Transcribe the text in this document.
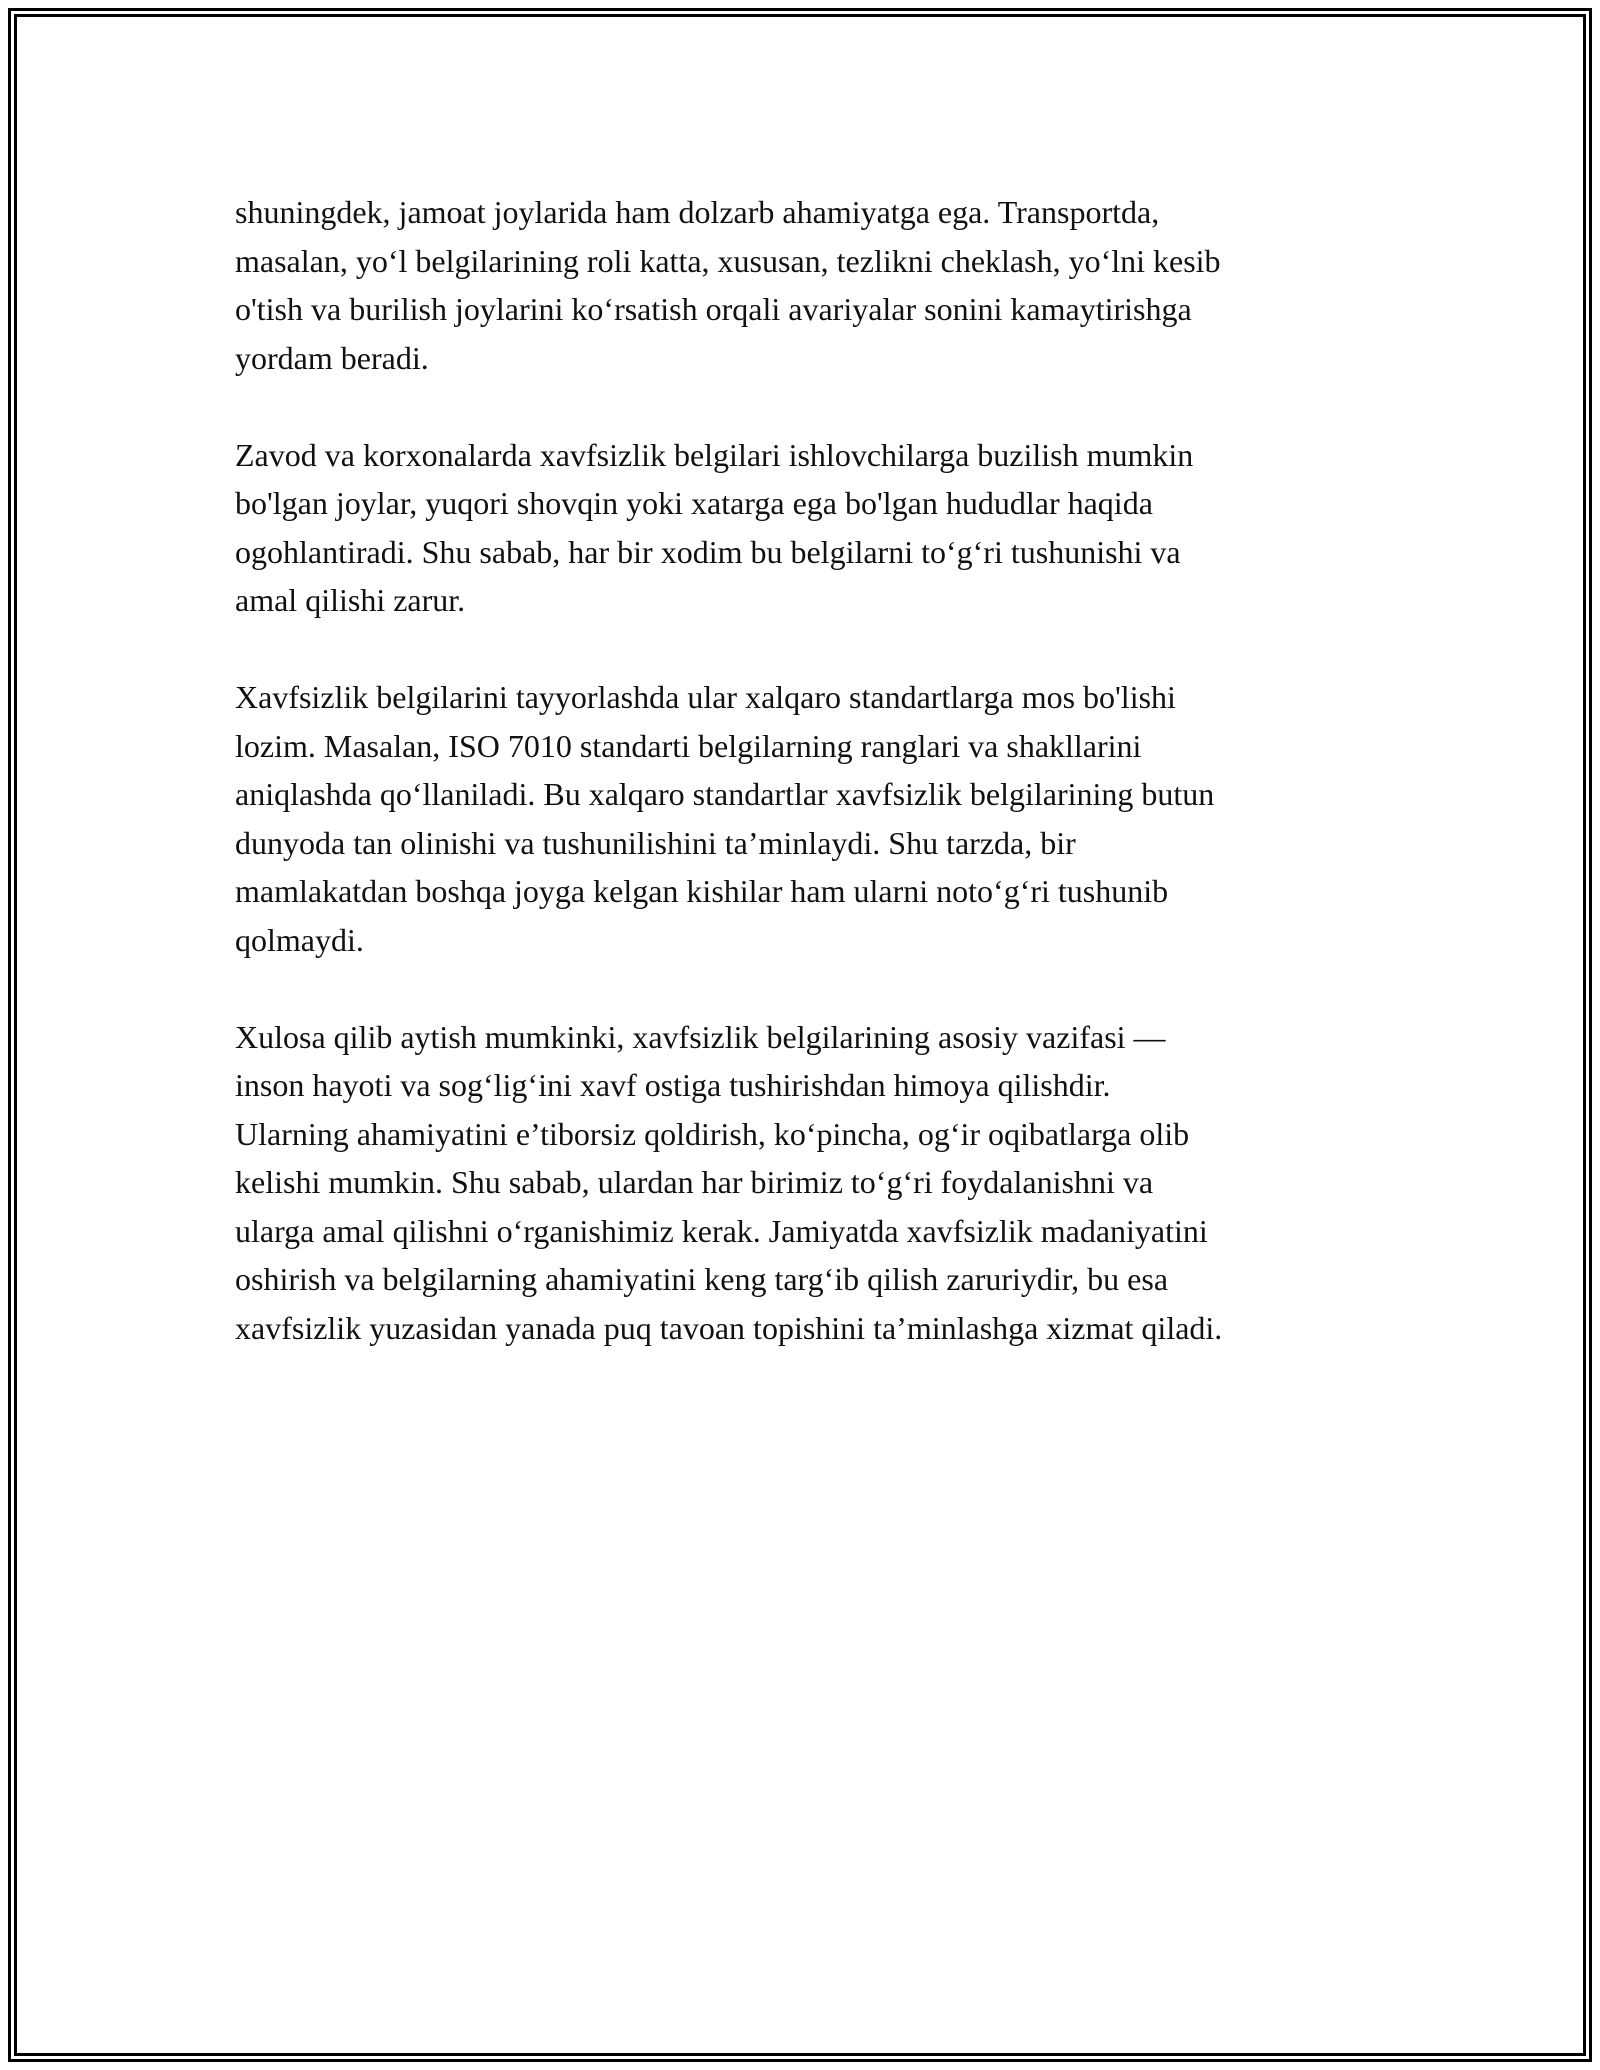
shuningdek, jamoat joylarida ham dolzarb ahamiyatga ega. Transportda,
masalan, yo‘l belgilarining roli katta, xususan, tezlikni cheklash, yo‘lni kesib
o'tish va burilish joylarini ko‘rsatish orqali avariyalar sonini kamaytirishga
yordam beradi.

Zavod va korxonalarda xavfsizlik belgilari ishlovchilarga buzilish mumkin
bo'lgan joylar, yuqori shovqin yoki xatarga ega bo'lgan hududlar haqida
ogohlantiradi. Shu sabab, har bir xodim bu belgilarni to‘g‘ri tushunishi va
amal qilishi zarur.

Xavfsizlik belgilarini tayyorlashda ular xalqaro standartlarga mos bo'lishi
lozim. Masalan, ISO 7010 standarti belgilarning ranglari va shakllarini
aniqlashda qo‘llaniladi. Bu xalqaro standartlar xavfsizlik belgilarining butun
dunyoda tan olinishi va tushunilishini ta’minlaydi. Shu tarzda, bir
mamlakatdan boshqa joyga kelgan kishilar ham ularni noto‘g‘ri tushunib
qolmaydi.

Xulosa qilib aytish mumkinki, xavfsizlik belgilarining asosiy vazifasi —
inson hayoti va sog‘lig‘ini xavf ostiga tushirishdan himoya qilishdir.
Ularning ahamiyatini e’tiborsiz qoldirish, ko‘pincha, og‘ir oqibatlarga olib
kelishi mumkin. Shu sabab, ulardan har birimiz to‘g‘ri foydalanishni va
ularga amal qilishni o‘rganishimiz kerak. Jamiyatda xavfsizlik madaniyatini
oshirish va belgilarning ahamiyatini keng targ‘ib qilish zaruriydir, bu esa
xavfsizlik yuzasidan yanada puq tavoan topishini ta’minlashga xizmat qiladi.
